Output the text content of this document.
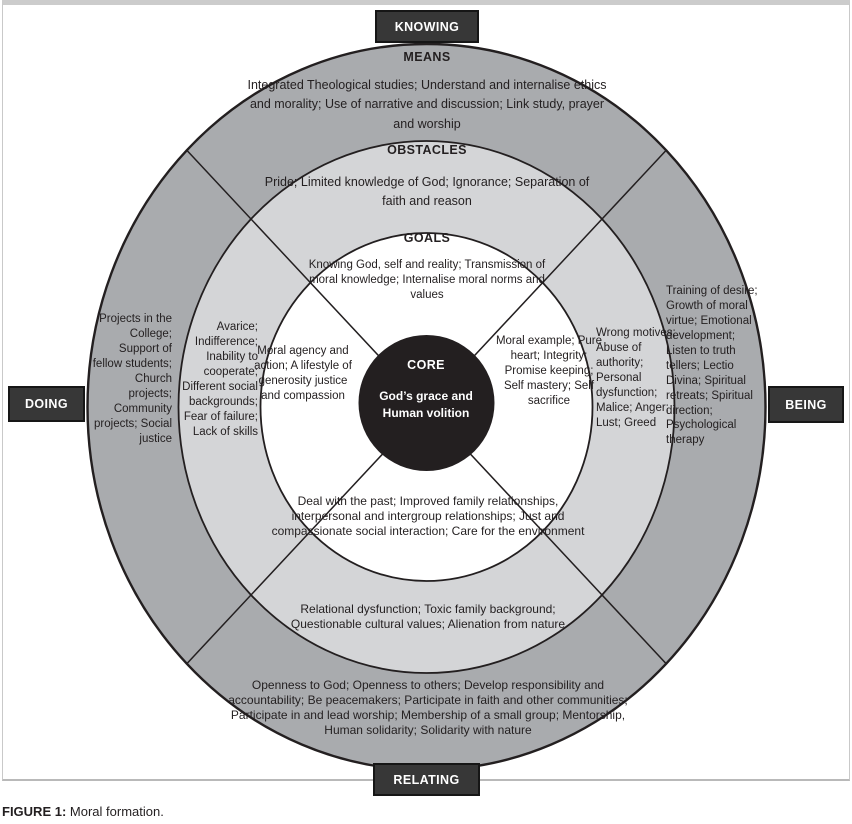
KNOWING
DOING	BEING
RELATING
MEANS
OBSTACLES
GOALS
CORE
God’s grace and Human volition
Integrated Theological studies; Understand and internalise ethics and morality; Use of narrative and discussion; Link study, prayer and worship
Pride; Limited knowledge of God; Ignorance; Separation of faith and reason
Knowing God, self and reality; Transmission of moral knowledge; Internalise moral norms and values
Projects in the College; Support of fellow students; Church projects; Community projects; Social justice
Avarice; Indifference; Inability to cooperate; Different social backgrounds; Fear of failure; Lack of skills
Moral agency and action; A lifestyle of generosity justice and compassion
Training of desire; Growth of moral virtue; Emotional development; Listen to truth tellers; Lectio Divina; Spiritual retreats; Spiritual direction; Psychological therapy
Wrong motives; Abuse of authority; Personal dysfunction; Malice; Anger; Lust; Greed
Moral example; Pure heart; Integrity; Promise keeping; Self mastery; Self sacrifice
Deal with the past; Improved family relationships, interpersonal and intergroup relationships; Just and compassionate social interaction; Care for the environment
Relational dysfunction; Toxic family background; Questionable cultural values; Alienation from nature
Openness to God; Openness to others; Develop responsibility and accountability; Be peacemakers; Participate in faith and other communities; Participate in and lead worship; Membership of a small group; Mentorship, Human solidarity; Solidarity with nature
FIGURE 1: Moral formation.
